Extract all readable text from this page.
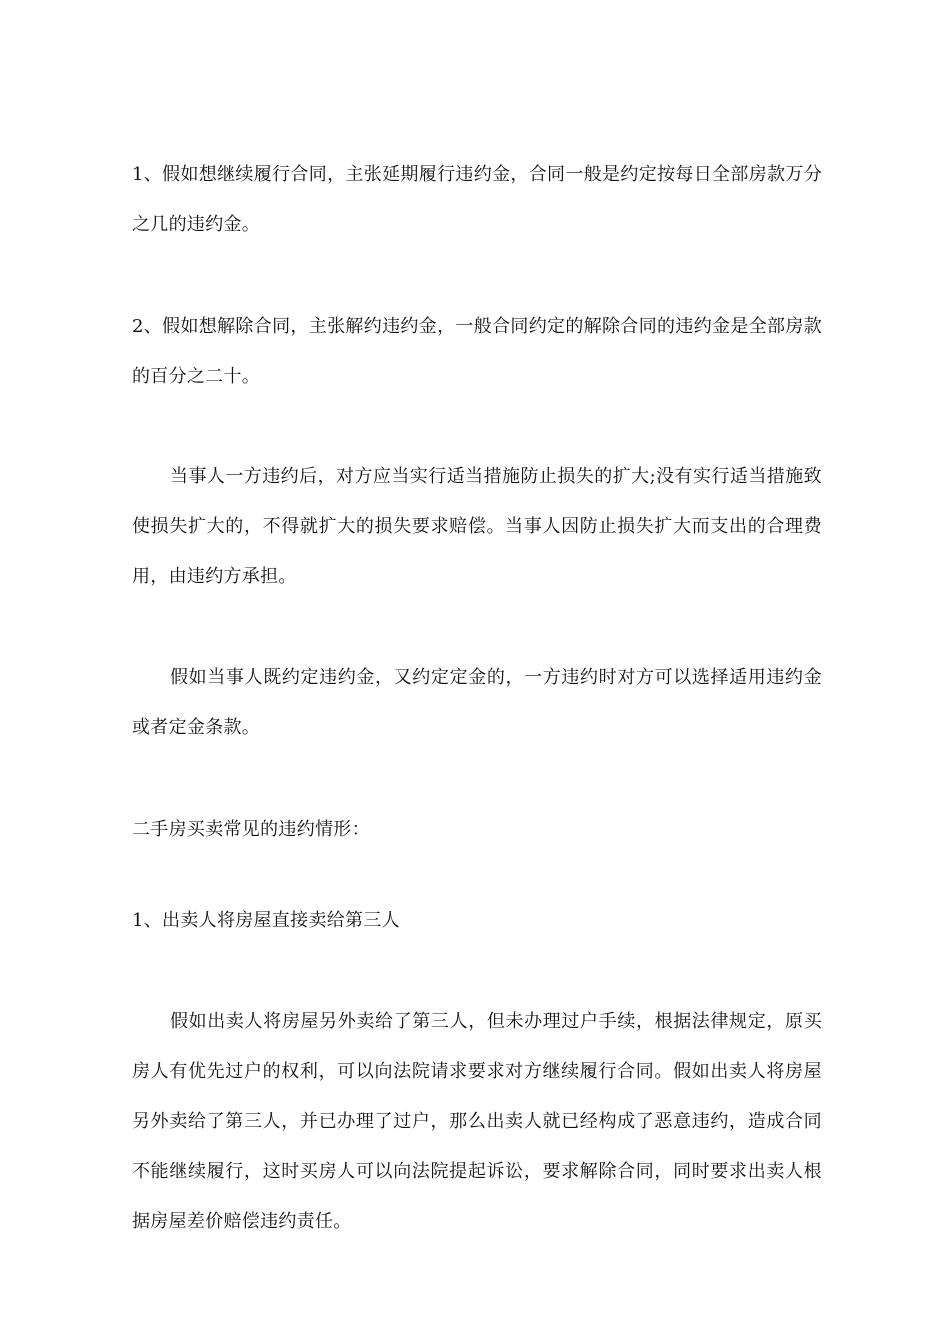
1、假如想继续履行合同，主张延期履行违约金，合同一般是约定按每日全部房款万分之几的违约金。

2、假如想解除合同，主张解约违约金，一般合同约定的解除合同的违约金是全部房款的百分之二十。

当事人一方违约后，对方应当实行适当措施防止损失的扩大;没有实行适当措施致使损失扩大的，不得就扩大的损失要求赔偿。当事人因防止损失扩大而支出的合理费用，由违约方承担。

假如当事人既约定违约金，又约定定金的，一方违约时对方可以选择适用违约金或者定金条款。

二手房买卖常见的违约情形：

1、出卖人将房屋直接卖给第三人

假如出卖人将房屋另外卖给了第三人，但未办理过户手续，根据法律规定，原买房人有优先过户的权利，可以向法院请求要求对方继续履行合同。假如出卖人将房屋另外卖给了第三人，并已办理了过户，那么出卖人就已经构成了恶意违约，造成合同不能继续履行，这时买房人可以向法院提起诉讼，要求解除合同，同时要求出卖人根据房屋差价赔偿违约责任。
